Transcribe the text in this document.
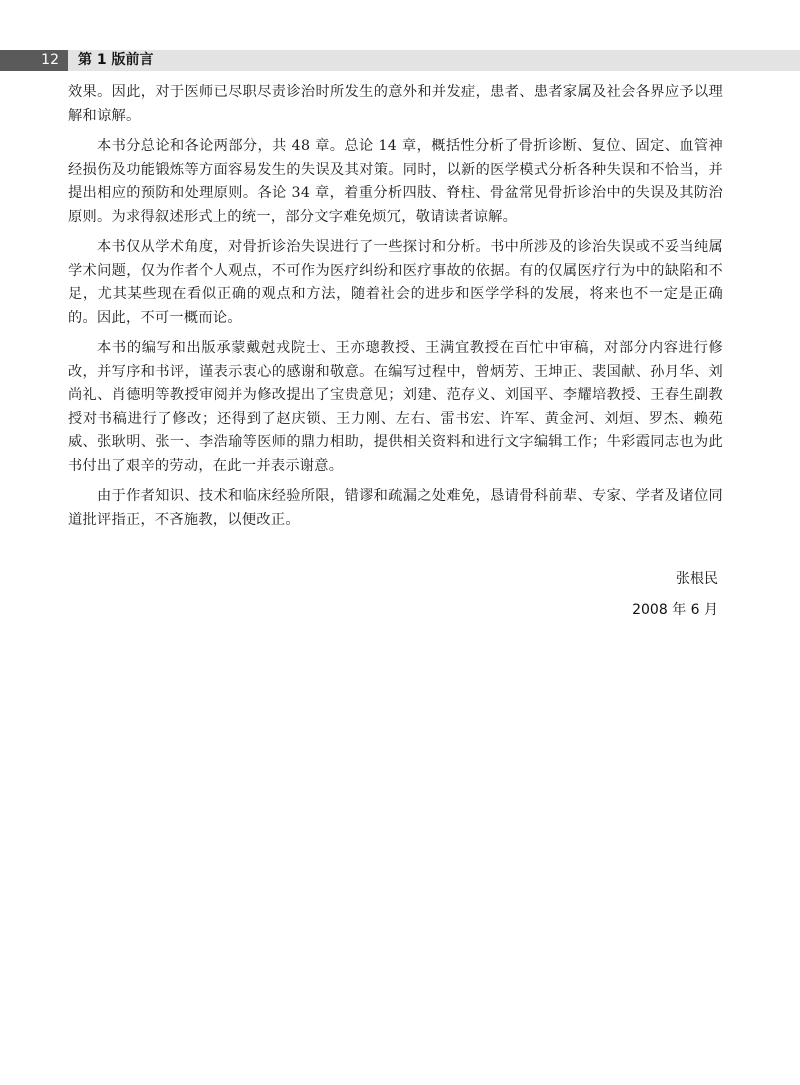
12	第 1 版前言

效果。因此，对于医师已尽职尽责诊治时所发生的意外和并发症，患者、患者家属及社会各界应予以理解和谅解。

本书分总论和各论两部分，共 48 章。总论 14 章，概括性分析了骨折诊断、复位、固定、血管神经损伤及功能锻炼等方面容易发生的失误及其对策。同时，以新的医学模式分析各种失误和不恰当，并提出相应的预防和处理原则。各论 34 章，着重分析四肢、脊柱、骨盆常见骨折诊治中的失误及其防治原则。为求得叙述形式上的统一，部分文字难免烦冗，敬请读者谅解。

本书仅从学术角度，对骨折诊治失误进行了一些探讨和分析。书中所涉及的诊治失误或不妥当纯属学术问题，仅为作者个人观点，不可作为医疗纠纷和医疗事故的依据。有的仅属医疗行为中的缺陷和不足，尤其某些现在看似正确的观点和方法，随着社会的进步和医学学科的发展，将来也不一定是正确的。因此，不可一概而论。

本书的编写和出版承蒙戴尅戎院士、王亦璁教授、王满宜教授在百忙中审稿，对部分内容进行修改，并写序和书评，谨表示衷心的感谢和敬意。在编写过程中，曾炳芳、王坤正、裴国献、孙月华、刘尚礼、肖德明等教授审阅并为修改提出了宝贵意见；刘建、范存义、刘国平、李耀培教授、王春生副教授对书稿进行了修改；还得到了赵庆锁、王力刚、左右、雷书宏、许军、黄金河、刘烜、罗杰、赖苑威、张耿明、张一、李浩瑜等医师的鼎力相助，提供相关资料和进行文字编辑工作；牛彩霞同志也为此书付出了艰辛的劳动，在此一并表示谢意。

由于作者知识、技术和临床经验所限，错谬和疏漏之处难免，恳请骨科前辈、专家、学者及诸位同道批评指正，不吝施教，以便改正。

张根民
2008 年 6 月
